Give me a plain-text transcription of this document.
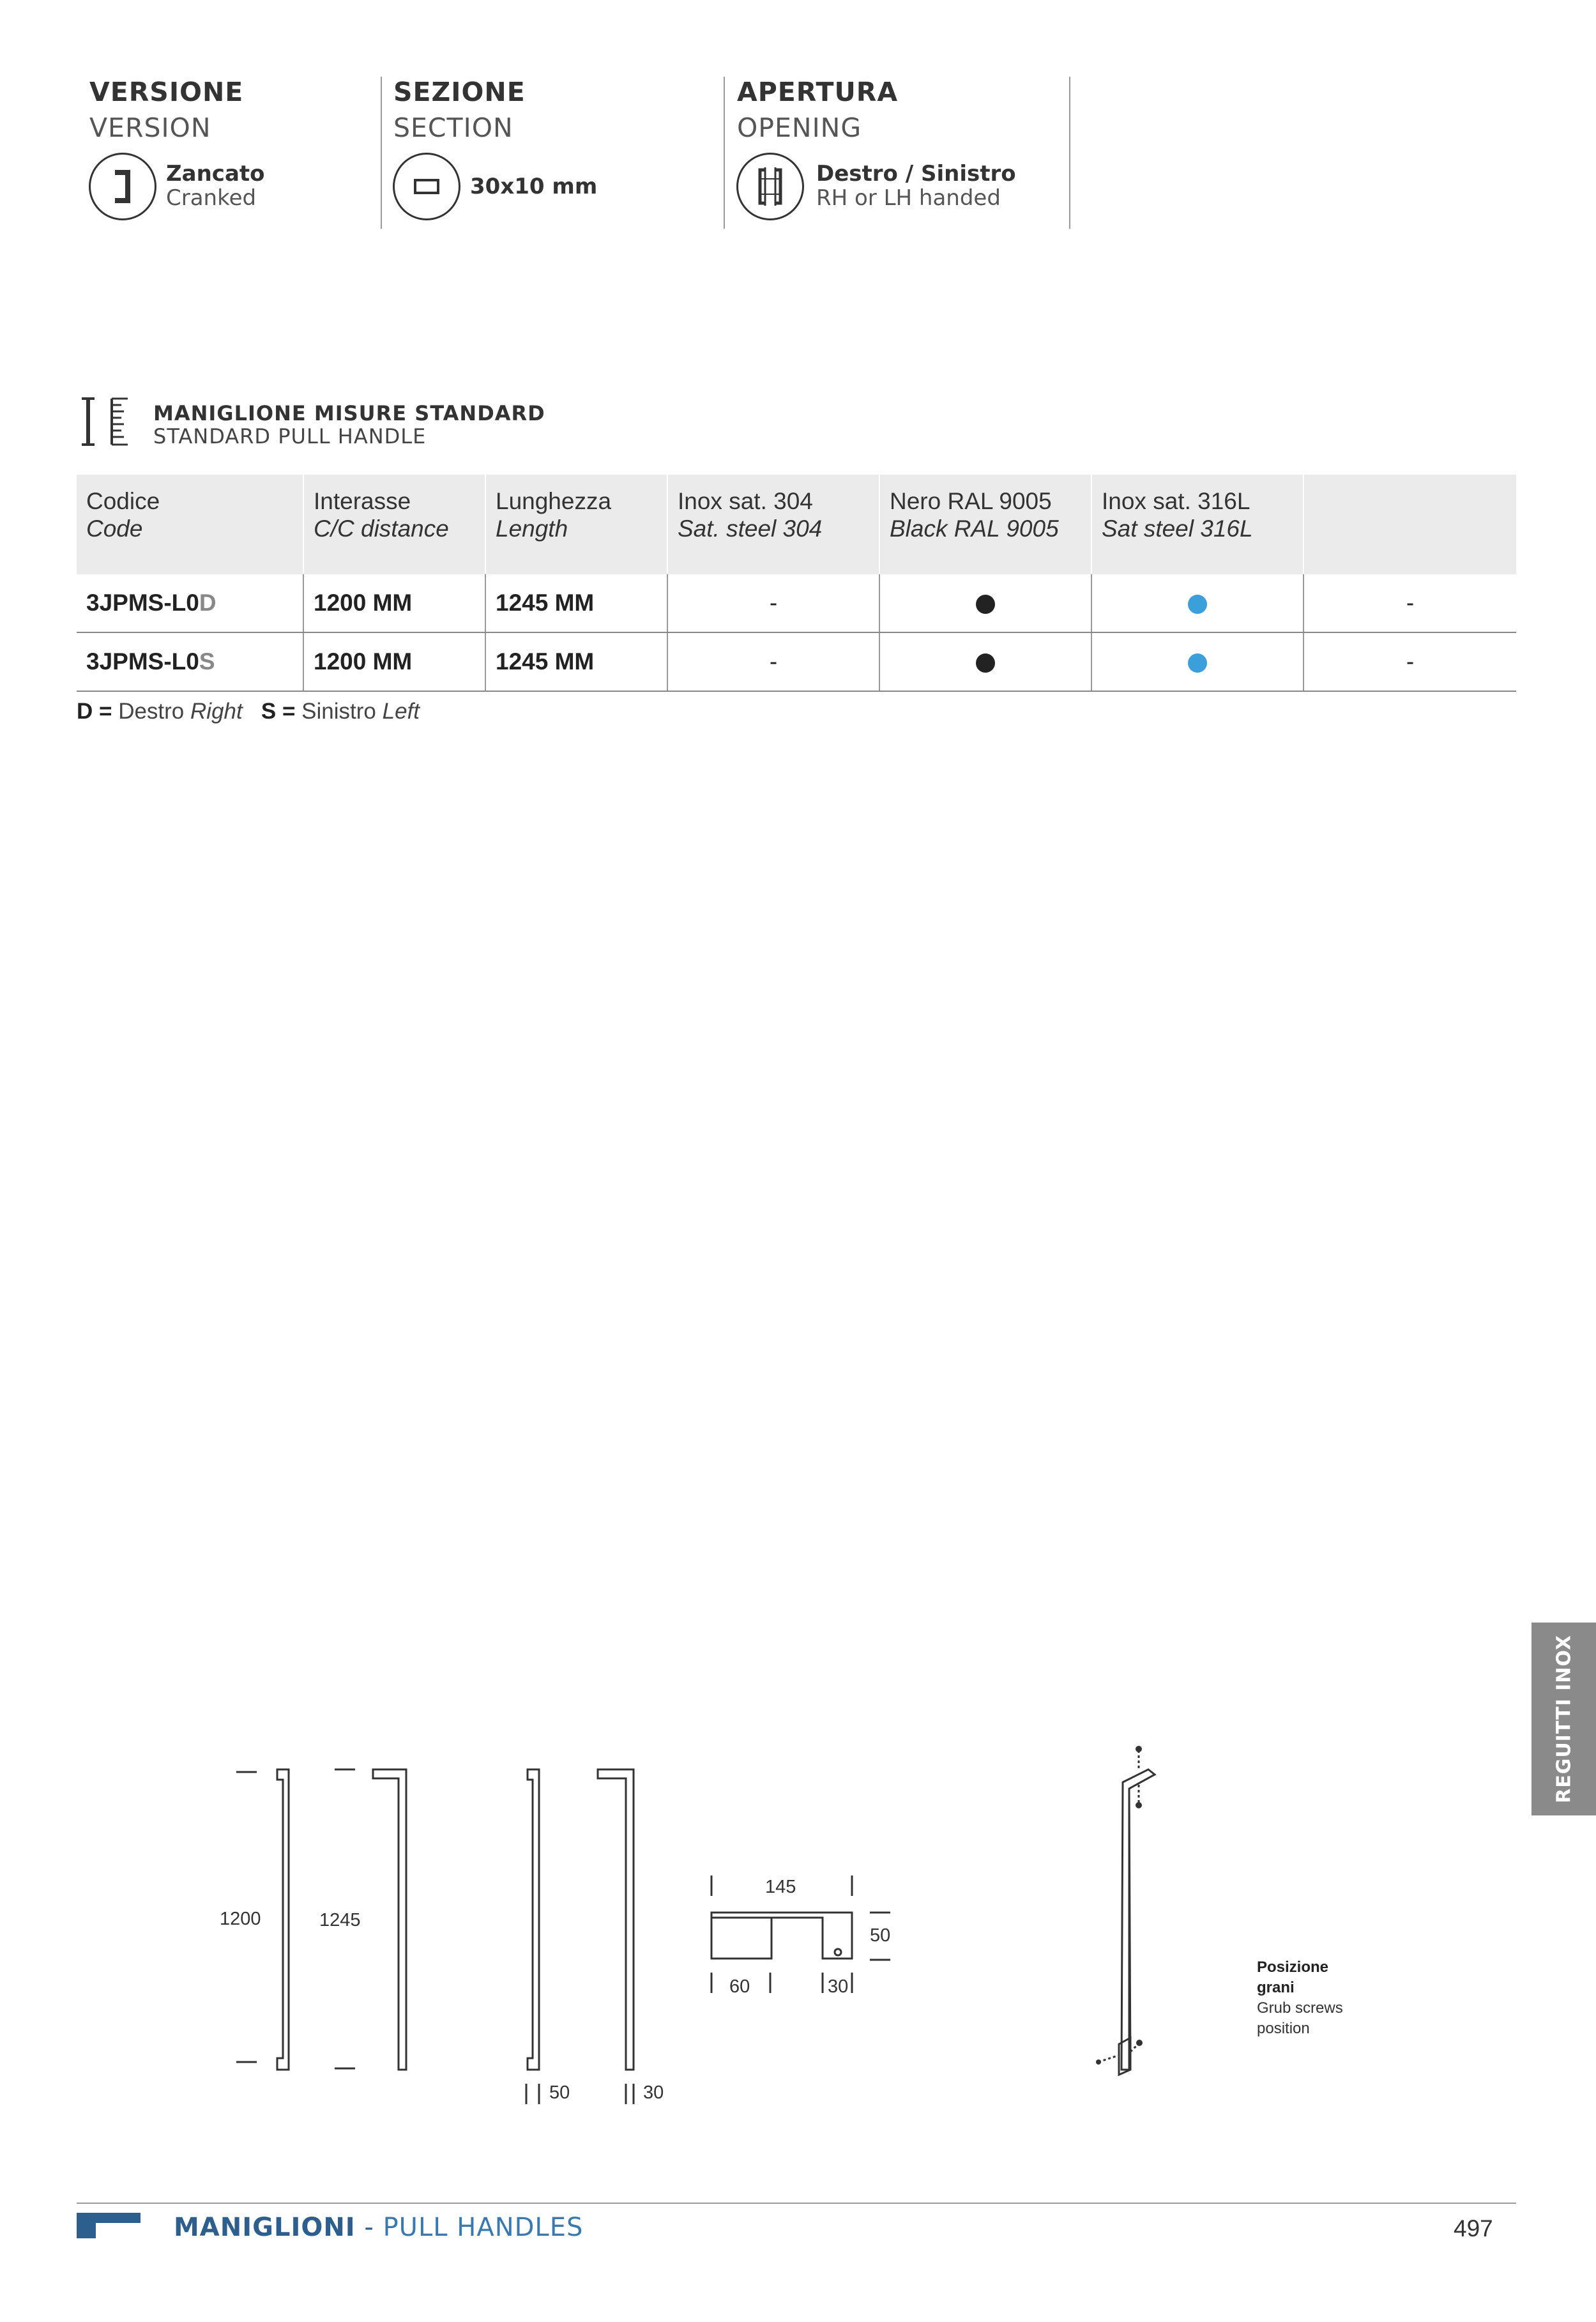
VERSIONE
VERSION
Zancato
Cranked
SEZIONE
SECTION
30x10 mm
APERTURA
OPENING
Destro / Sinistro
RH or LH handed
MANIGLIONE MISURE STANDARD
STANDARD PULL HANDLE
Codice
Code	Interasse
C/C distance	Lunghezza
Length	Inox sat. 304
Sat. steel 304	Nero RAL 9005
Black RAL 9005	Inox sat. 316L
Sat steel 316L	

3JPMS-L0D	1200 MM	1245 MM	-			-
3JPMS-L0S	1200 MM	1245 MM	-			-
D = Destro Right S = Sinistro Left
1200	1245
50	30
145
50
60	30
Posizione
grani
Grub screws
position
REGUITTI INOX
MANIGLIONI - PULL HANDLES	497
